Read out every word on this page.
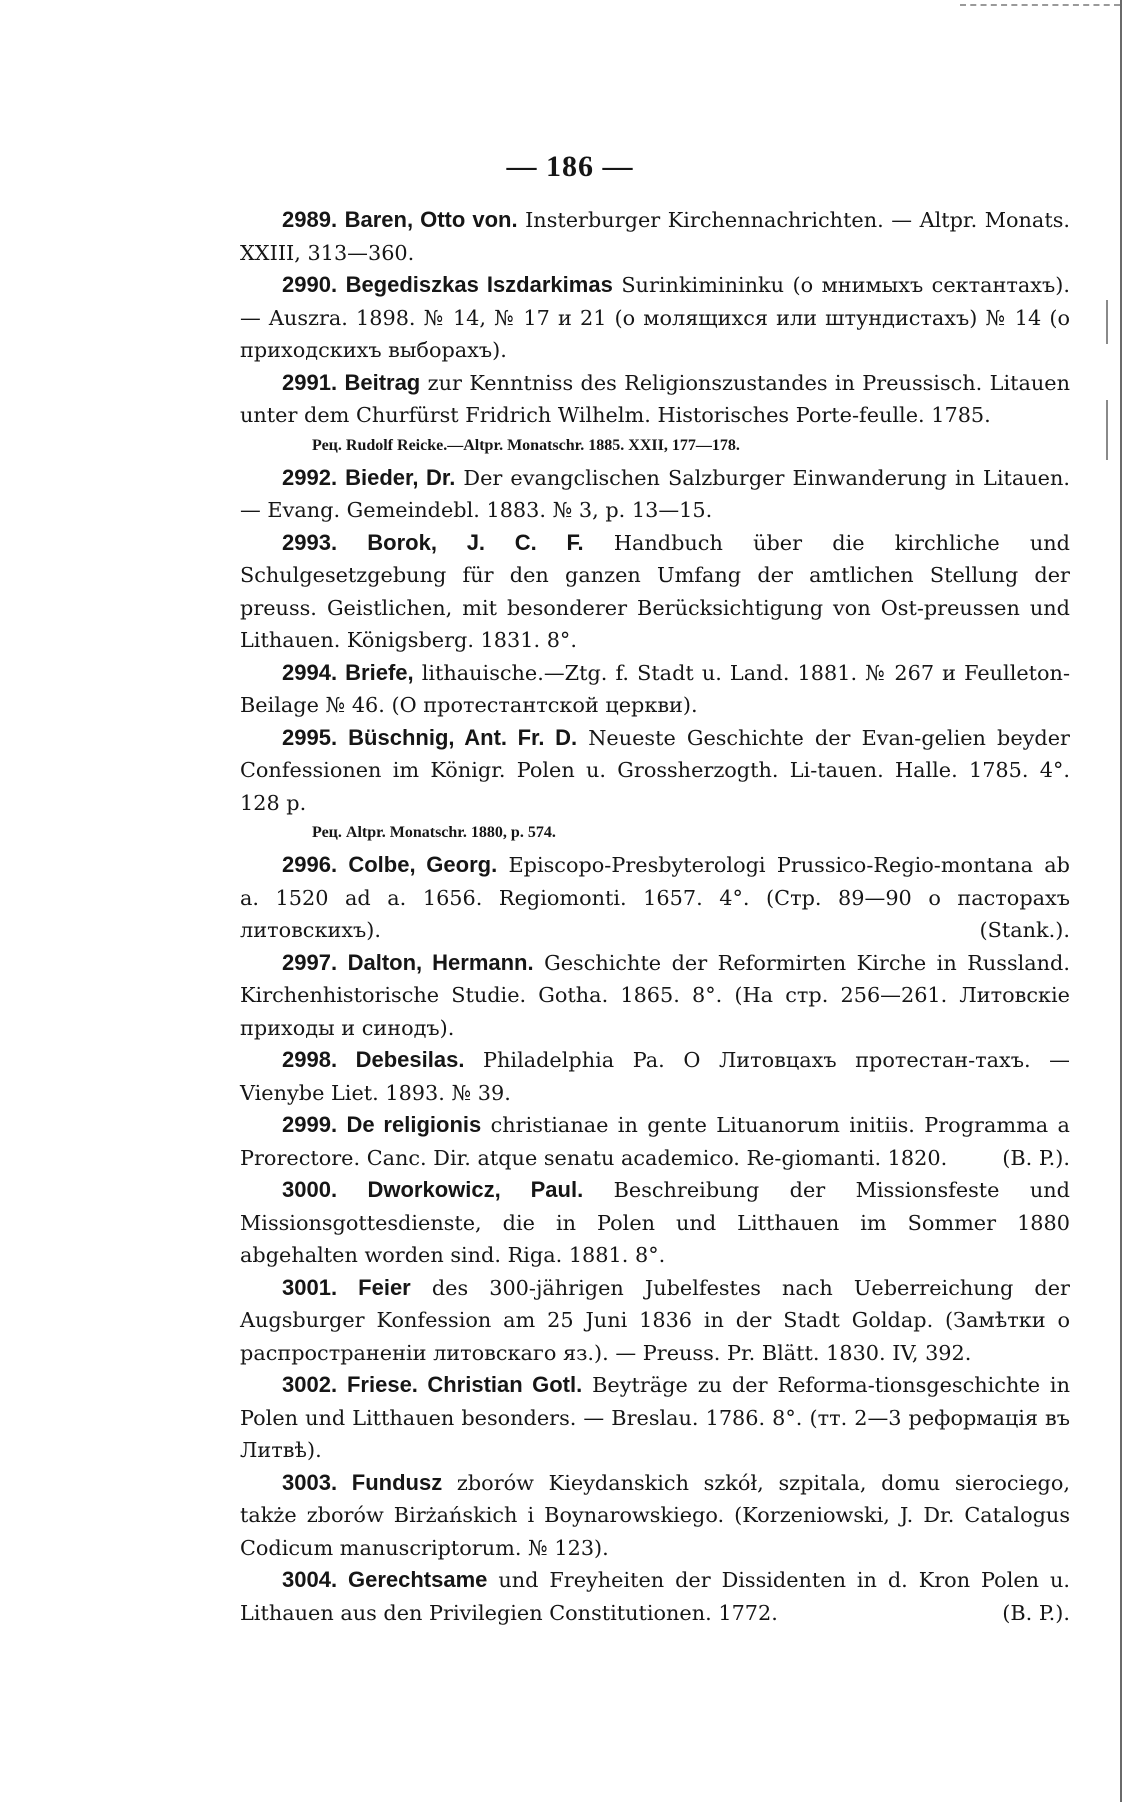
— 186 —

2989. Baren, Otto von. Insterburger Kirchennachrichten. — Altpr. Monats. XXIII, 313—360.

2990. Begediszkas Iszdarkimas Surinkimininku (о мнимыхъ сектантахъ). — Auszra. 1898. № 14, № 17 и 21 (о молящихся или штундистахъ) № 14 (о приходскихъ выборахъ).

2991. Beitrag zur Kenntniss des Religionszustandes in Preussisch. Litauen unter dem Churfürst Fridrich Wilhelm. Historisches Porte-feulle. 1785.

Рец. Rudolf Reicke.—Altpr. Monatschr. 1885. XXII, 177—178.

2992. Bieder, Dr. Der evangclischen Salzburger Einwanderung in Litauen. — Evang. Gemeindebl. 1883. № 3, p. 13—15.

2993. Borok, J. C. F. Handbuch über die kirchliche und Schulgesetzgebung für den ganzen Umfang der amtlichen Stellung der preuss. Geistlichen, mit besonderer Berücksichtigung von Ost-preussen und Lithauen. Königsberg. 1831. 8°.

2994. Briefe, lithauische.—Ztg. f. Stadt u. Land. 1881. № 267 и Feulleton-Beilage № 46. (О протестантской церкви).

2995. Büschnig, Ant. Fr. D. Neueste Geschichte der Evan-gelien beyder Confessionen im Königr. Polen u. Grossherzogth. Li-tauen. Halle. 1785. 4°. 128 p.

Рец. Altpr. Monatschr. 1880, p. 574.

2996. Colbe, Georg. Episcopo-Presbyterologi Prussico-Regio-montana ab a. 1520 ad a. 1656. Regiomonti. 1657. 4°. (Стр. 89—90 о пасторахъ литовскихъ).	(Stank.).

2997. Dalton, Hermann. Geschichte der Reformirten Kirche in Russland. Kirchenhistorische Studie. Gotha. 1865. 8°. (На стр. 256—261. Литовскіе приходы и синодъ).

2998. Debesilas. Philadelphia Pa. О Литовцахъ протестан-тахъ. — Vienybe Liet. 1893. № 39.

2999. De religionis christianae in gente Lituanorum initiis. Programma a Prorectore. Canc. Dir. atque senatu academico. Re-giomanti. 1820.	(B. P.).

3000. Dworkowicz, Paul. Beschreibung der Missionsfeste und Missionsgottesdienste, die in Polen und Litthauen im Sommer 1880 abgehalten worden sind. Riga. 1881. 8°.

3001. Feier des 300-jährigen Jubelfestes nach Ueberreichung der Augsburger Konfession am 25 Juni 1836 in der Stadt Goldap. (Замѣтки о распространеніи литовскаго яз.). — Preuss. Pr. Blätt. 1830. IV, 392.

3002. Friese. Christian Gotl. Beyträge zu der Reforma-tionsgeschichte in Polen und Litthauen besonders. — Breslau. 1786. 8°. (тт. 2—3 реформація въ Литвѣ).

3003. Fundusz zborów Kieydanskich szkół, szpitala, domu sierociego, także zborów Birżańskich i Boynarowskiego. (Korzeniowski, J. Dr. Catalogus Codicum manuscriptorum. № 123).

3004. Gerechtsame und Freyheiten der Dissidenten in d. Kron Polen u. Lithauen aus den Privilegien Constitutionen. 1772.	(B. P.).
